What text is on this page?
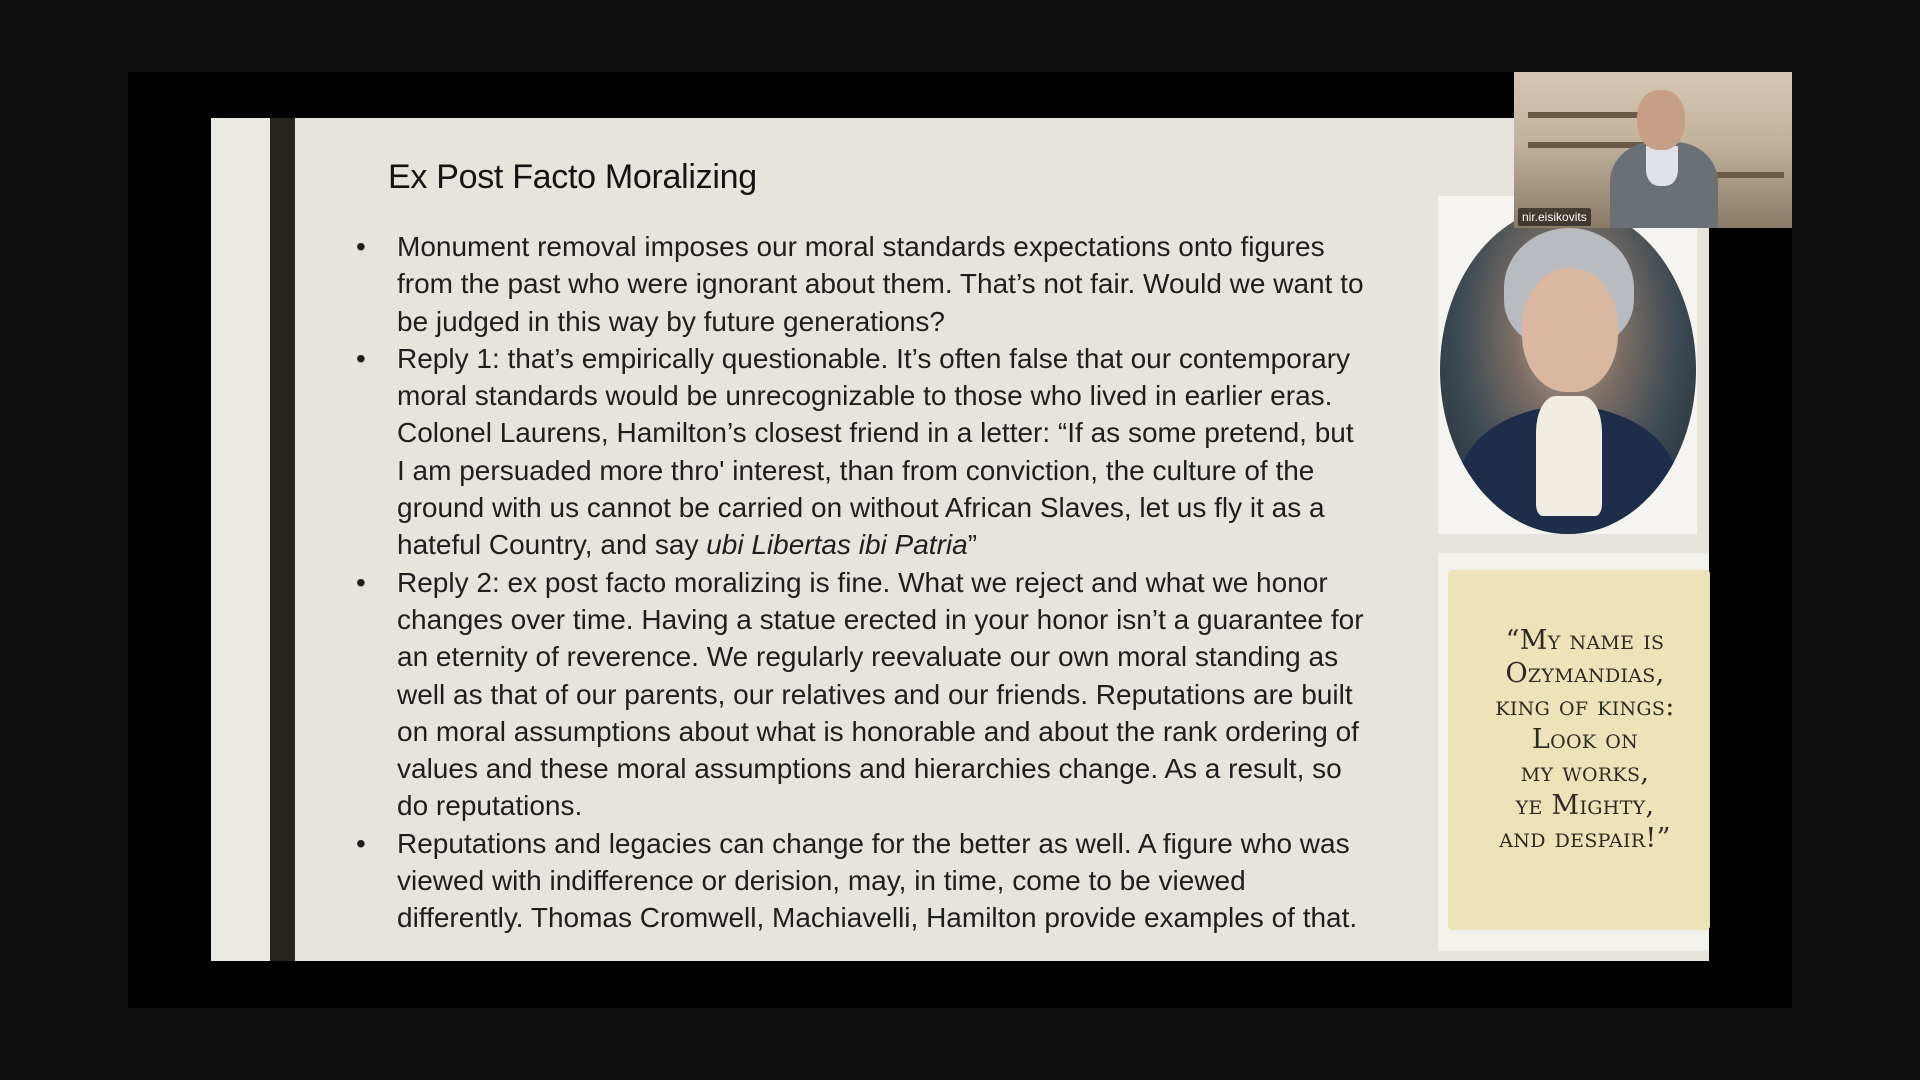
Ex Post Facto Moralizing
•	Monument removal imposes our moral standards expectations onto figures
from the past who were ignorant about them. That’s not fair. Would we want to
be judged in this way by future generations?
•	Reply 1: that’s empirically questionable. It’s often false that our contemporary
moral standards would be unrecognizable to those who lived in earlier eras.
Colonel Laurens, Hamilton’s closest friend in a letter: “If as some pretend, but
I am persuaded more thro' interest, than from conviction, the culture of the
ground with us cannot be carried on without African Slaves, let us fly it as a
hateful Country, and say ubi Libertas ibi Patria”
•	Reply 2: ex post facto moralizing is fine. What we reject and what we honor
changes over time. Having a statue erected in your honor isn’t a guarantee for
an eternity of reverence. We regularly reevaluate our own moral standing as
well as that of our parents, our relatives and our friends. Reputations are built
on moral assumptions about what is honorable and about the rank ordering of
values and these moral assumptions and hierarchies change. As a result, so
do reputations.
•	Reputations and legacies can change for the better as well. A figure who was
viewed with indifference or derision, may, in time, come to be viewed
differently. Thomas Cromwell, Machiavelli, Hamilton provide examples of that.
“My name is
Ozymandias,
king of kings:
Look on
my works,
ye Mighty,
and despair!”
nir.eisikovits
